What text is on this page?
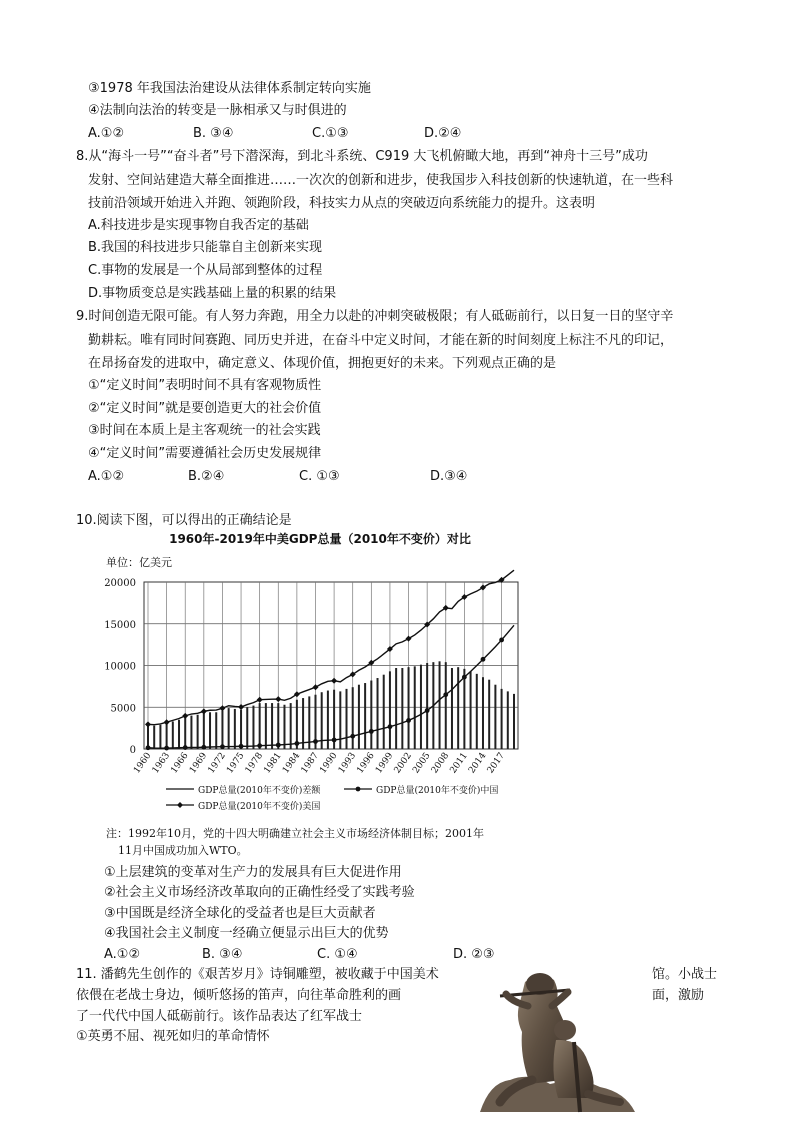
③1978 年我国法治建设从法律体系制定转向实施
④法制向法治的转变是一脉相承又与时俱进的
A.①②	B. ③④	C.①③	D.②④
8.从“海斗一号”“奋斗者”号下潜深海，到北斗系统、C919 大飞机俯瞰大地，再到“神舟十三号”成功
发射、空间站建造大幕全面推进……一次次的创新和进步，使我国步入科技创新的快速轨道，在一些科
技前沿领域开始进入并跑、领跑阶段，科技实力从点的突破迈向系统能力的提升。这表明
A.科技进步是实现事物自我否定的基础
B.我国的科技进步只能靠自主创新来实现
C.事物的发展是一个从局部到整体的过程
D.事物质变总是实践基础上量的积累的结果
9.时间创造无限可能。有人努力奔跑，用全力以赴的冲刺突破极限；有人砥砺前行，以日复一日的坚守辛
勤耕耘。唯有同时间赛跑、同历史并进，在奋斗中定义时间，才能在新的时间刻度上标注不凡的印记，
在昂扬奋发的进取中，确定意义、体现价值，拥抱更好的未来。下列观点正确的是
①“定义时间”表明时间不具有客观物质性
②“定义时间”就是要创造更大的社会价值
③时间在本质上是主客观统一的社会实践
④“定义时间”需要遵循社会历史发展规律
A.①②	B.②④	C. ①③	D.③④
10.阅读下图，可以得出的正确结论是
1960年-2019年中美GDP总量（2010年不变价）对比
单位：亿美元
0
5000
10000
15000
20000
1960
1963
1966
1969
1972
1975
1978
1981
1984
1987
1990
1993
1996
1999
2002
2005
2008
2011
2014
2017
GDP总量(2010年不变价)差额	GDP总量(2010年不变价)中国
GDP总量(2010年不变价)美国
注：1992年10月，党的十四大明确建立社会主义市场经济体制目标；2001年
11月中国成功加入WTO。
①上层建筑的变革对生产力的发展具有巨大促进作用
②社会主义市场经济改革取向的正确性经受了实践考验
③中国既是经济全球化的受益者也是巨大贡献者
④我国社会主义制度一经确立便显示出巨大的优势
A.①②	B. ③④	C. ①④	D. ②③
11. 潘鹤先生创作的《艰苦岁月》诗铜雕塑，被收藏于中国美术	馆。小战士
依偎在老战士身边，倾听悠扬的笛声，向往革命胜利的画	面，激励
了一代代中国人砥砺前行。该作品表达了红军战士
①英勇不屈、视死如归的革命情怀
